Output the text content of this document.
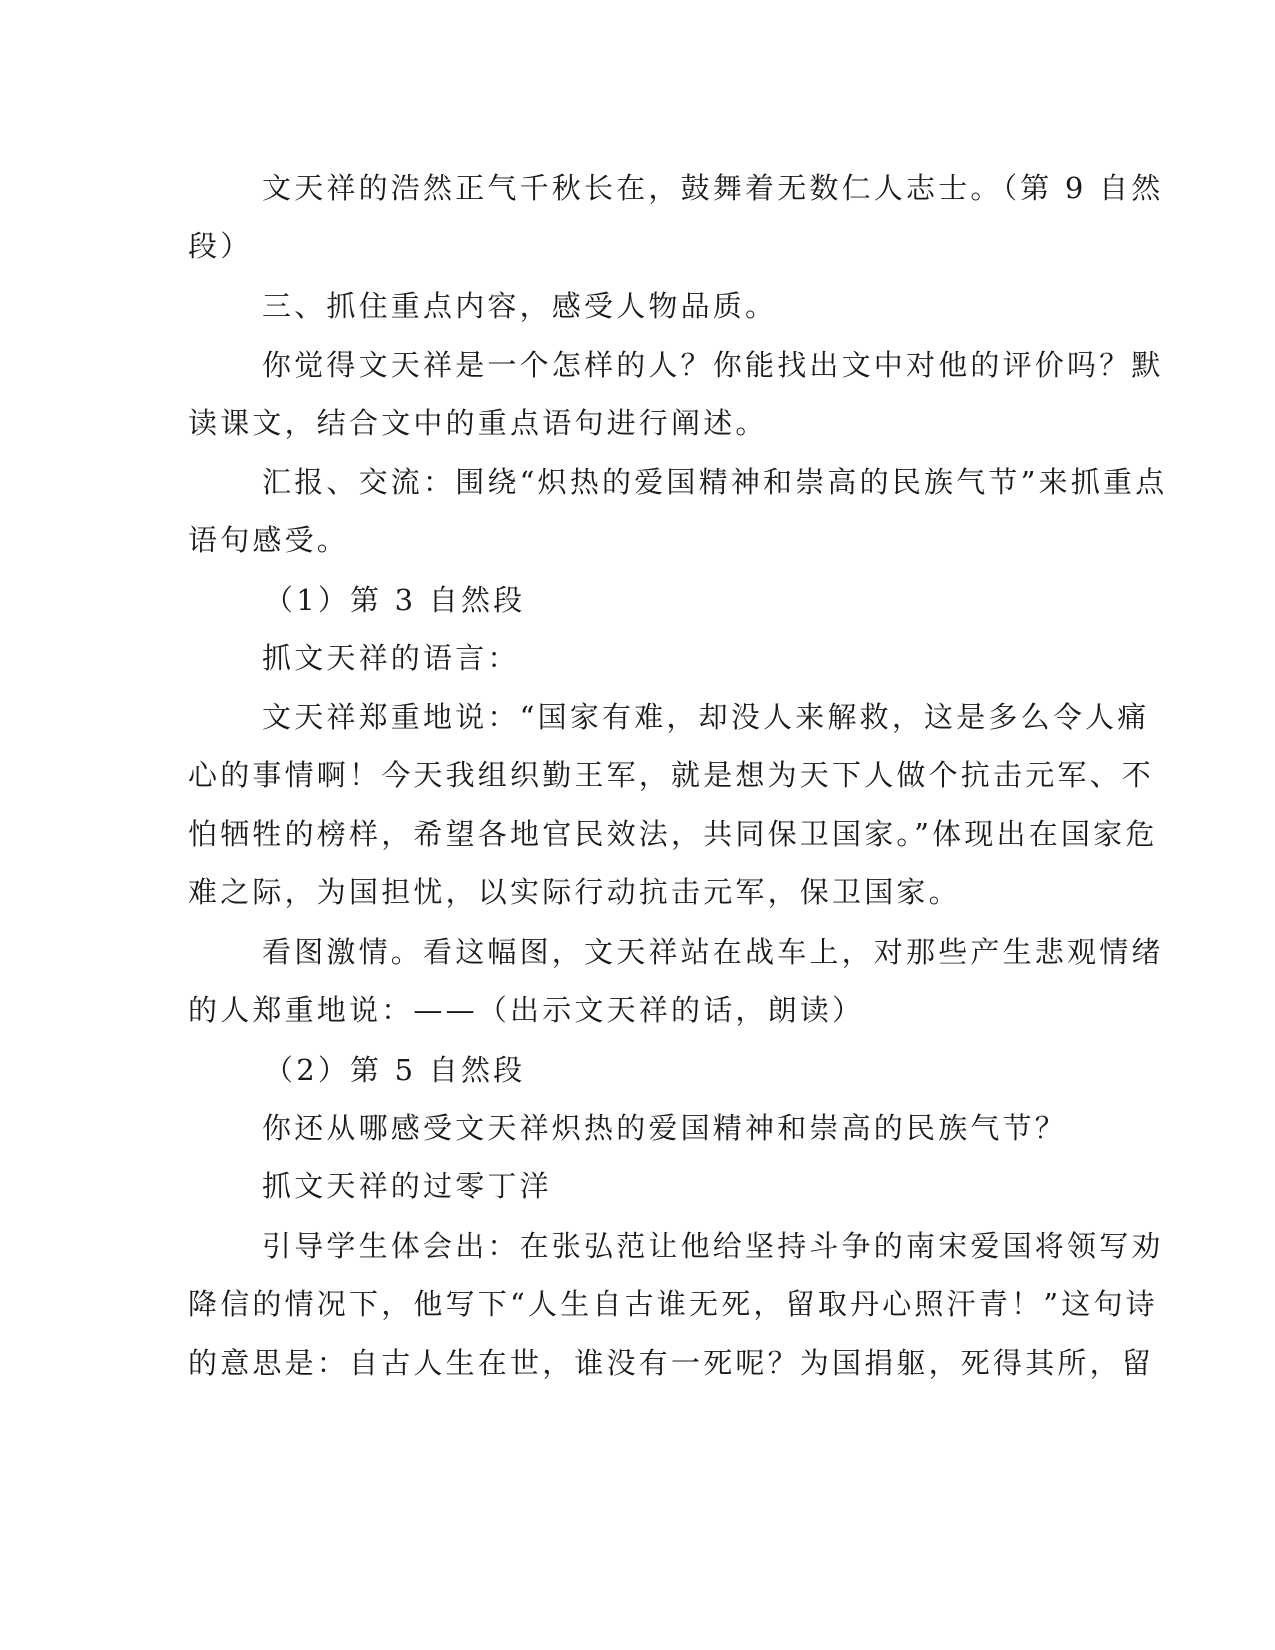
文天祥的浩然正气千秋长在，鼓舞着无数仁人志士。（第 9 自然
段）
三、抓住重点内容，感受人物品质。
你觉得文天祥是一个怎样的人？你能找出文中对他的评价吗？默
读课文，结合文中的重点语句进行阐述。
汇报、交流：围绕“炽热的爱国精神和崇高的民族气节”来抓重点
语句感受。
（1）第 3 自然段
抓文天祥的语言：
文天祥郑重地说：“国家有难，却没人来解救，这是多么令人痛
心的事情啊！今天我组织勤王军，就是想为天下人做个抗击元军、不
怕牺牲的榜样，希望各地官民效法，共同保卫国家。”体现出在国家危
难之际，为国担忧，以实际行动抗击元军，保卫国家。
看图激情。看这幅图，文天祥站在战车上，对那些产生悲观情绪
的人郑重地说：——（出示文天祥的话，朗读）
（2）第 5 自然段
你还从哪感受文天祥炽热的爱国精神和崇高的民族气节？
抓文天祥的过零丁洋
引导学生体会出：在张弘范让他给坚持斗争的南宋爱国将领写劝
降信的情况下，他写下“人生自古谁无死，留取丹心照汗青！”这句诗
的意思是：自古人生在世，谁没有一死呢？为国捐躯，死得其所，留
